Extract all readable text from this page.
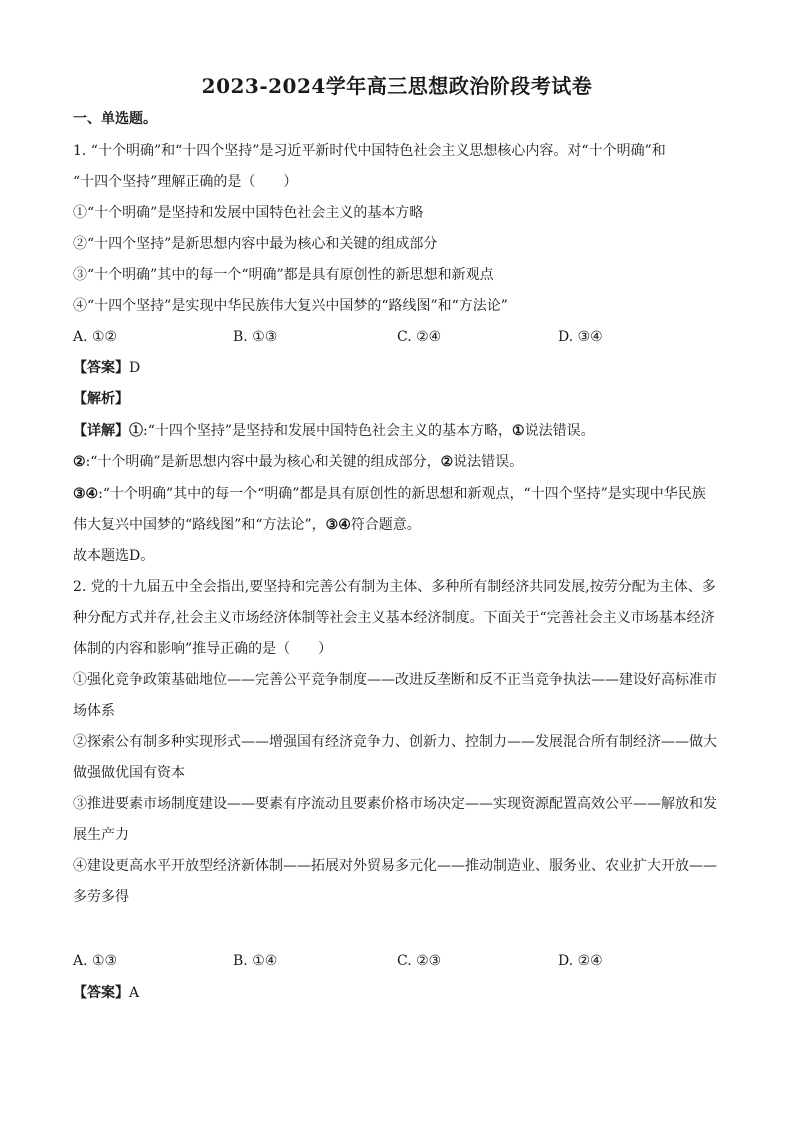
2023-2024学年高三思想政治阶段考试卷
一、单选题。
1. “十个明确”和“十四个坚持”是习近平新时代中国特色社会主义思想核心内容。对“十个明确”和
“十四个坚持”理解正确的是（　　）
①“十个明确”是坚持和发展中国特色社会主义的基本方略
②“十四个坚持”是新思想内容中最为核心和关键的组成部分
③“十个明确”其中的每一个“明确”都是具有原创性的新思想和新观点
④“十四个坚持”是实现中华民族伟大复兴中国梦的“路线图”和“方法论”
A. ①②	B. ①③	C. ②④	D. ③④
【答案】D
【解析】
【详解】①:“十四个坚持”是坚持和发展中国特色社会主义的基本方略，①说法错误。
②:“十个明确”是新思想内容中最为核心和关键的组成部分，②说法错误。
③④:“十个明确”其中的每一个“明确”都是具有原创性的新思想和新观点，“十四个坚持”是实现中华民族
伟大复兴中国梦的“路线图”和“方法论”，③④符合题意。
故本题选D。
2. 党的十九届五中全会指出,要坚持和完善公有制为主体、多种所有制经济共同发展,按劳分配为主体、多
种分配方式并存,社会主义市场经济体制等社会主义基本经济制度。下面关于“完善社会主义市场基本经济
体制的内容和影响”推导正确的是（　　）
①强化竞争政策基础地位——完善公平竞争制度——改进反垄断和反不正当竞争执法——建设好高标准市
场体系
②探索公有制多种实现形式——增强国有经济竞争力、创新力、控制力——发展混合所有制经济——做大
做强做优国有资本
③推进要素市场制度建设——要素有序流动且要素价格市场决定——实现资源配置高效公平——解放和发
展生产力
④建设更高水平开放型经济新体制——拓展对外贸易多元化——推动制造业、服务业、农业扩大开放——
多劳多得
A. ①③	B. ①④	C. ②③	D. ②④
【答案】A
